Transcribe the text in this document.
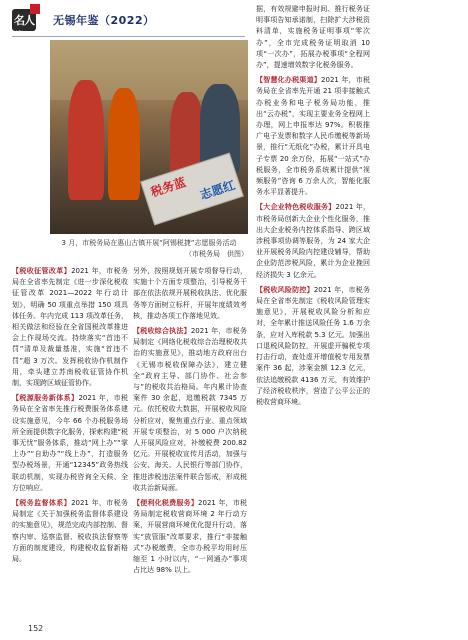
名人堂
无锡年鉴（2022）
税务蓝 志愿红
3 月，市税务局在惠山古镇开展“阿锡税捷”志愿服务活动
（市税务局　供图）

【税收征管改革】2021 年，市税务局在全省率先制定《进一步深化税收征管改革 2021—2022 年行动计划》，明确 50 项重点举措 150 项具体任务。年内完成 113 项改革任务，相关做法和经验在全省国税改革推进会上作现场交流。持续落实“首违不罚”清单及裁量基准，实施“首违不罚”超 3 万次。发挥税收协作机制作用，牵头建立苏南税收征管协作机制，实现跨区域征管协作。

【税源服务新体系】2021 年，市税务局在全省率先推行税费服务体系建设实施意见，今年 66 个办税服务场所全面提供数字化服务，探索构建“税事无忧”服务体系，推动“网上办”“掌上办”“自助办”“线上办”，打造服务型办税场景，开通“12345”政务热线联动机制，实现办税咨询全天候、全方位响应。

【税务监督体系】2021 年，市税务局制定《关于加强税务监督体系建设的实施意见》，规范完成内部控制、督察内审、巡察监督、税收执法督察等方面的制度建设，构建税收监督新格局。

另外，按照规划开展专项督导行动，实施十个方面专项整治，引导税务干部在依法依规开展税收执法、优化服务等方面树立标杆，开展年度绩效考核，推动各项工作落地见效。

【税收综合执法】2021 年，市税务局制定《网络化税收综合治理税收共治的实施意见》，推动地方政府出台《无锡市税收保障办法》，建立健全“政府主导、部门协作、社会参与”的税收共治格局。年内累计协查案件 30 余起，追缴税款 7345 万元。依托税收大数据，开展税收风险分析应对，聚焦重点行业、重点领域开展专项整治，对 5 000 户次纳税人开展风险应对，补缴税费 200.82 亿元。开展税收宣传月活动，加强与公安、海关、人民银行等部门协作，推进涉税违法案件联合惩戒，形成税收共治新局面。

【便利化税费服务】2021 年，市税务局制定税收营商环境 2 年行动方案，开展营商环境优化提升行动，落实“放管服”改革要求，推行“非接触式”办税缴费，全市办税平均用时压缩至 1 小时以内，“一网通办”事项占比达 98% 以上。

据，有效规避申报时间、推行税务证明事项告知承诺制，扫除扩大涉税资料清单，实施税务证明事项“零次办”，全市完成税务证明取消 10 项“一次办”，拓展办税事项“全程网办”，提速增效数字化税务服务。

【智慧化办税渠道】2021 年，市税务局在全省率先开通 21 项非接触式办税业务和电子税务局功能，推出“云办税”，实现主要业务全程网上办理，网上申报率达 97%。积极推广电子发票和数字人民币缴税等新场景，推行“无纸化”办税，累计开具电子专票 20 余万份，拓展“一站式”办税服务，全市税务系统累计提供“视频服务”咨询 6 万余人次，智能化服务水平显著提升。

【大企业特色税收服务】2021 年，市税务局创新大企业个性化服务，推出大企业税务内控体系指导、跨区域涉税事项协调等服务，为 24 家大企业开展税务风险内控建设辅导，帮助企业防范涉税风险，累计为企业挽回经济损失 3 亿余元。

【税收风险防控】2021 年，市税务局在全省率先制定《税收风险管理实施意见》，开展税收风险分析和应对，全年累计推送风险任务 1.6 万余条，应对入库税款 5.3 亿元。加强出口退税风险防控，开展虚开骗税专项打击行动，查处虚开增值税专用发票案件 36 起，涉案金额 12.3 亿元，依法追缴税款 4136 万元，有效维护了经济税收秩序，营造了公平公正的税收营商环境。

152
